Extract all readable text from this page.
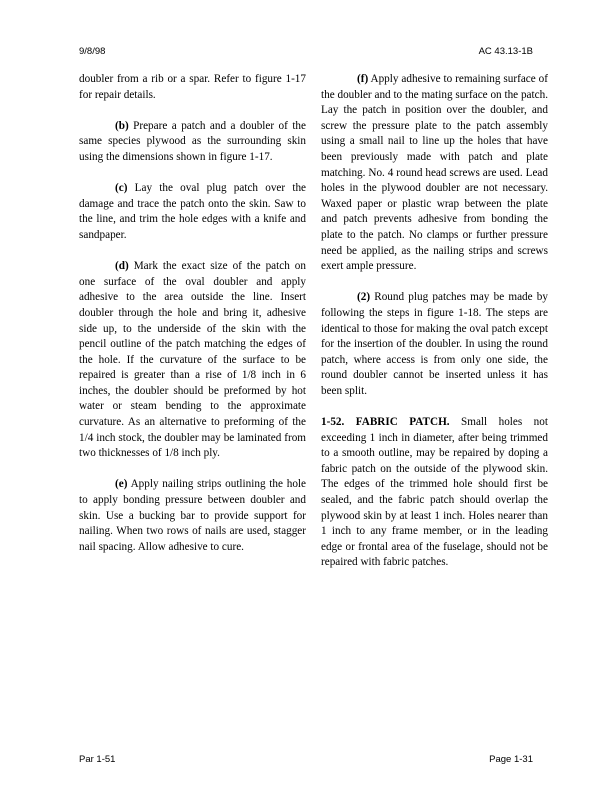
9/8/98	AC 43.13-1B

doubler from a rib or a spar. Refer to figure 1-17 for repair details.

(b) Prepare a patch and a doubler of the same species plywood as the surrounding skin using the dimensions shown in figure 1-17.

(c) Lay the oval plug patch over the damage and trace the patch onto the skin. Saw to the line, and trim the hole edges with a knife and sandpaper.

(d) Mark the exact size of the patch on one surface of the oval doubler and apply adhesive to the area outside the line. Insert doubler through the hole and bring it, adhesive side up, to the underside of the skin with the pencil outline of the patch matching the edges of the hole. If the curvature of the surface to be repaired is greater than a rise of 1/8 inch in 6 inches, the doubler should be preformed by hot water or steam bending to the approximate curvature. As an alternative to preforming of the 1/4 inch stock, the doubler may be laminated from two thicknesses of 1/8 inch ply.

(e) Apply nailing strips outlining the hole to apply bonding pressure between doubler and skin. Use a bucking bar to provide support for nailing. When two rows of nails are used, stagger nail spacing. Allow adhesive to cure.

(f) Apply adhesive to remaining surface of the doubler and to the mating surface on the patch. Lay the patch in position over the doubler, and screw the pressure plate to the patch assembly using a small nail to line up the holes that have been previously made with patch and plate matching. No. 4 round head screws are used. Lead holes in the plywood doubler are not necessary. Waxed paper or plastic wrap between the plate and patch prevents adhesive from bonding the plate to the patch. No clamps or further pressure need be applied, as the nailing strips and screws exert ample pressure.

(2) Round plug patches may be made by following the steps in figure 1-18. The steps are identical to those for making the oval patch except for the insertion of the doubler. In using the round patch, where access is from only one side, the round doubler cannot be inserted unless it has been split.

1-52. FABRIC PATCH. Small holes not exceeding 1 inch in diameter, after being trimmed to a smooth outline, may be repaired by doping a fabric patch on the outside of the plywood skin. The edges of the trimmed hole should first be sealed, and the fabric patch should overlap the plywood skin by at least 1 inch. Holes nearer than 1 inch to any frame member, or in the leading edge or frontal area of the fuselage, should not be repaired with fabric patches.

Par 1-51	Page 1-31
